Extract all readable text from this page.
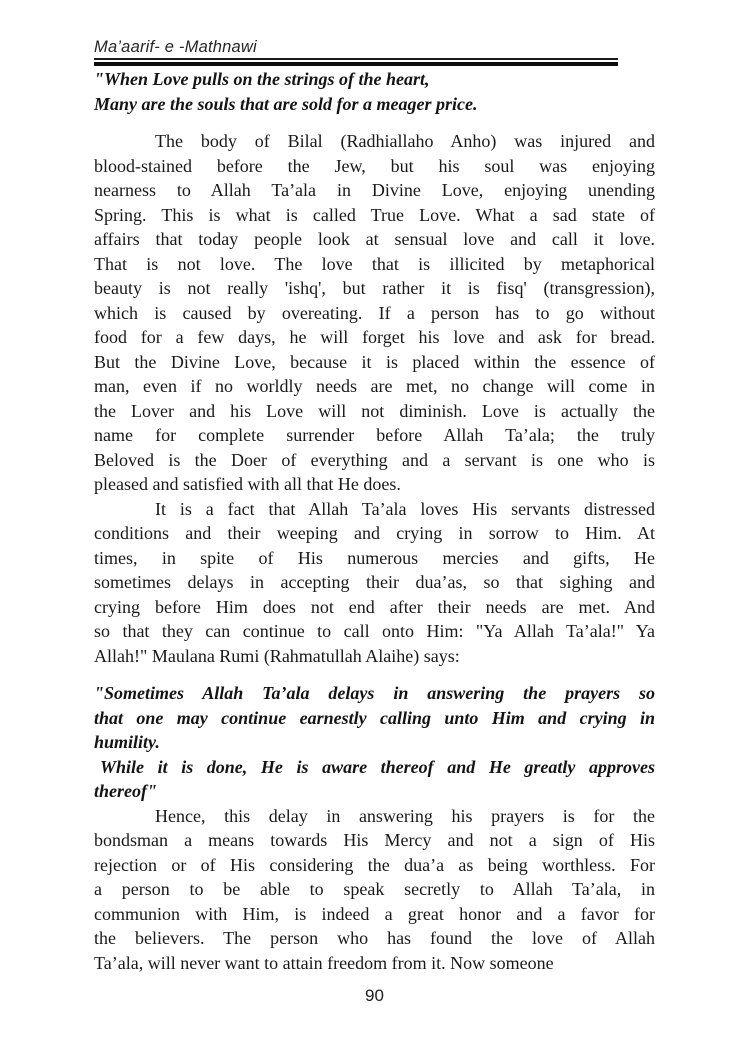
Ma’aarif- e -Mathnawi
"When Love pulls on the strings of the heart,
Many are the souls that are sold for a meager price.
The body of Bilal (Radhiallaho Anho) was injured and
blood-stained before the Jew, but his soul was enjoying
nearness to Allah Ta’ala in Divine Love, enjoying unending
Spring. This is what is called True Love. What a sad state of
affairs that today people look at sensual love and call it love.
That is not love. The love that is illicited by metaphorical
beauty is not really 'ishq', but rather it is fisq' (transgression),
which is caused by overeating. If a person has to go without
food for a few days, he will forget his love and ask for bread.
But the Divine Love, because it is placed within the essence of
man, even if no worldly needs are met, no change will come in
the Lover and his Love will not diminish. Love is actually the
name for complete surrender before Allah Ta’ala; the truly
Beloved is the Doer of everything and a servant is one who is
pleased and satisfied with all that He does.
It is a fact that Allah Ta’ala loves His servants distressed
conditions and their weeping and crying in sorrow to Him. At
times, in spite of His numerous mercies and gifts, He
sometimes delays in accepting their dua’as, so that sighing and
crying before Him does not end after their needs are met. And
so that they can continue to call onto Him: "Ya Allah Ta’ala!" Ya
Allah!" Maulana Rumi (Rahmatullah Alaihe) says:
"Sometimes Allah Ta’ala delays in answering the prayers so
that one may continue earnestly calling unto Him and crying in
humility.
While it is done, He is aware thereof and He greatly approves
thereof"
Hence, this delay in answering his prayers is for the
bondsman a means towards His Mercy and not a sign of His
rejection or of His considering the dua’a as being worthless. For
a person to be able to speak secretly to Allah Ta’ala, in
communion with Him, is indeed a great honor and a favor for
the believers. The person who has found the love of Allah
Ta’ala, will never want to attain freedom from it. Now someone
90
